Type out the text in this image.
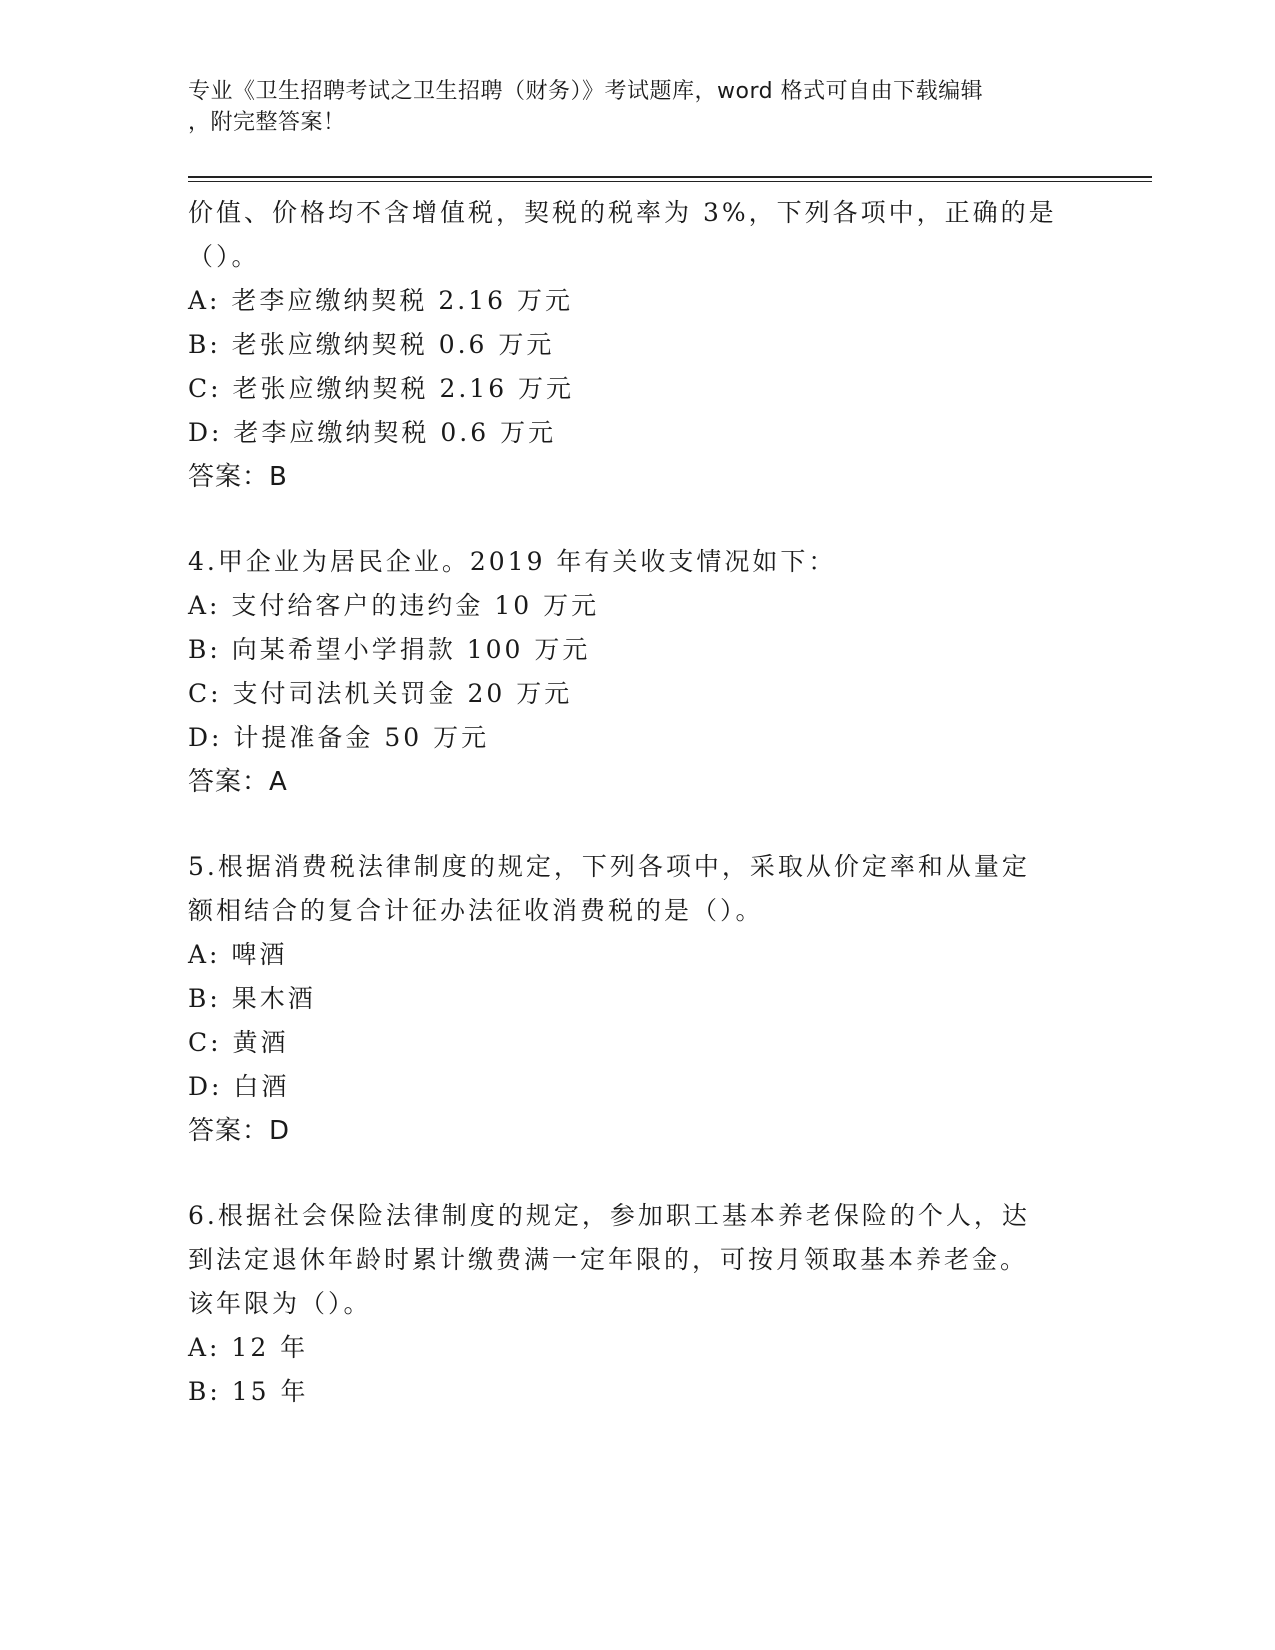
专业《卫生招聘考试之卫生招聘（财务）》考试题库，word 格式可自由下载编辑
，附完整答案！
价值、价格均不含增值税，契税的税率为 3%，下列各项中，正确的是
（）。
A: 老李应缴纳契税 2.16 万元
B: 老张应缴纳契税 0.6 万元
C: 老张应缴纳契税 2.16 万元
D: 老李应缴纳契税 0.6 万元
答案：B
4.甲企业为居民企业。2019 年有关收支情况如下：
A: 支付给客户的违约金 10 万元
B: 向某希望小学捐款 100 万元
C: 支付司法机关罚金 20 万元
D: 计提准备金 50 万元
答案：A
5.根据消费税法律制度的规定，下列各项中，采取从价定率和从量定
额相结合的复合计征办法征收消费税的是（）。
A: 啤酒
B: 果木酒
C: 黄酒
D: 白酒
答案：D
6.根据社会保险法律制度的规定，参加职工基本养老保险的个人，达
到法定退休年龄时累计缴费满一定年限的，可按月领取基本养老金。
该年限为（）。
A: 12 年
B: 15 年
